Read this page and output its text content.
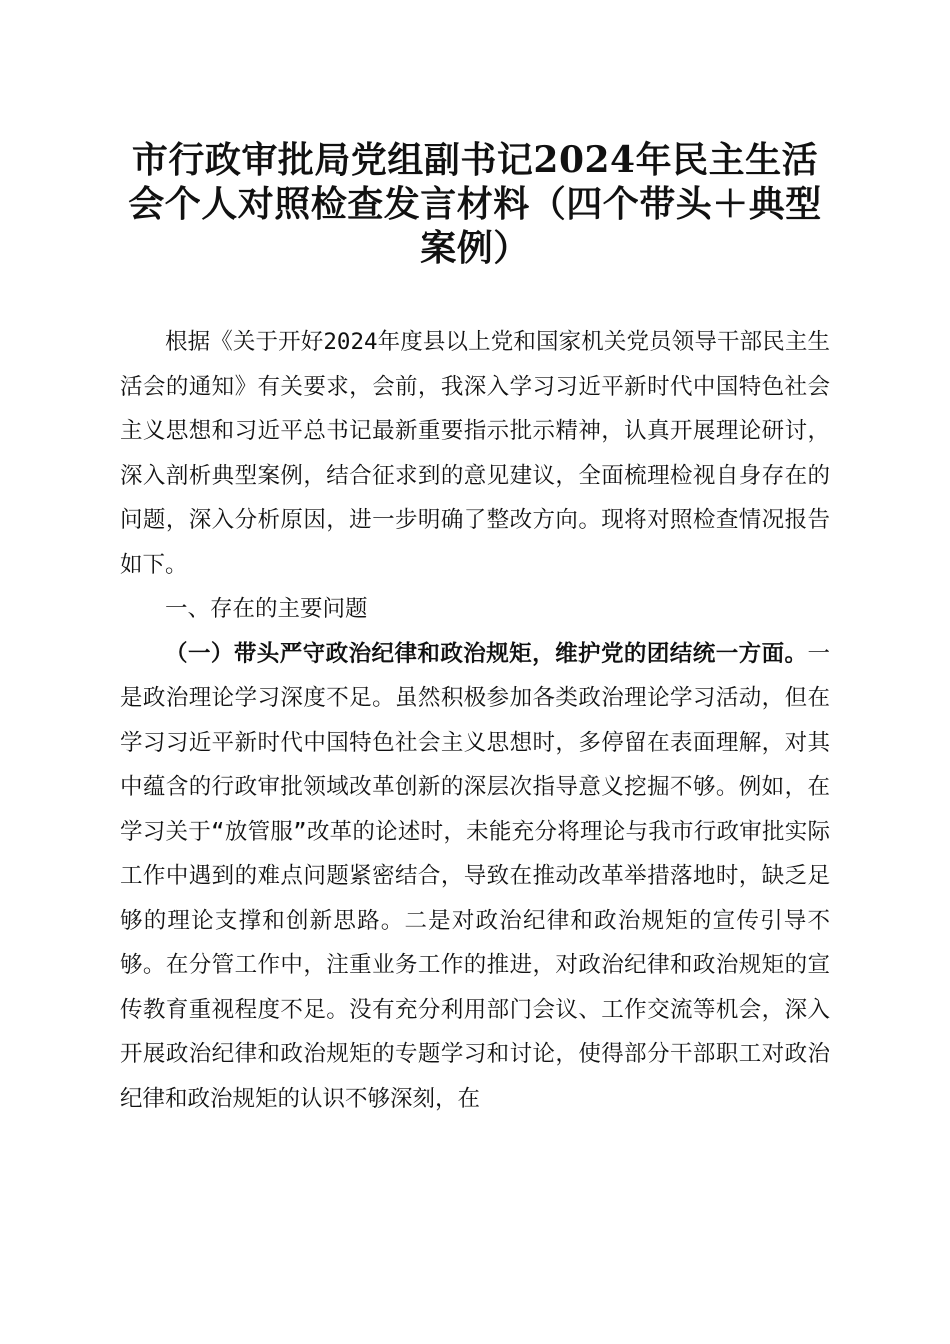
市行政审批局党组副书记2024年民主生活会个人对照检查发言材料（四个带头＋典型案例）

根据《关于开好2024年度县以上党和国家机关党员领导干部民主生活会的通知》有关要求，会前，我深入学习习近平新时代中国特色社会主义思想和习近平总书记最新重要指示批示精神，认真开展理论研讨，深入剖析典型案例，结合征求到的意见建议，全面梳理检视自身存在的问题，深入分析原因，进一步明确了整改方向。现将对照检查情况报告如下。

一、存在的主要问题

（一）带头严守政治纪律和政治规矩，维护党的团结统一方面。一是政治理论学习深度不足。虽然积极参加各类政治理论学习活动，但在学习习近平新时代中国特色社会主义思想时，多停留在表面理解，对其中蕴含的行政审批领域改革创新的深层次指导意义挖掘不够。例如，在学习关于“放管服”改革的论述时，未能充分将理论与我市行政审批实际工作中遇到的难点问题紧密结合，导致在推动改革举措落地时，缺乏足够的理论支撑和创新思路。二是对政治纪律和政治规矩的宣传引导不够。在分管工作中，注重业务工作的推进，对政治纪律和政治规矩的宣传教育重视程度不足。没有充分利用部门会议、工作交流等机会，深入开展政治纪律和政治规矩的专题学习和讨论，使得部分干部职工对政治纪律和政治规矩的认识不够深刻，在
